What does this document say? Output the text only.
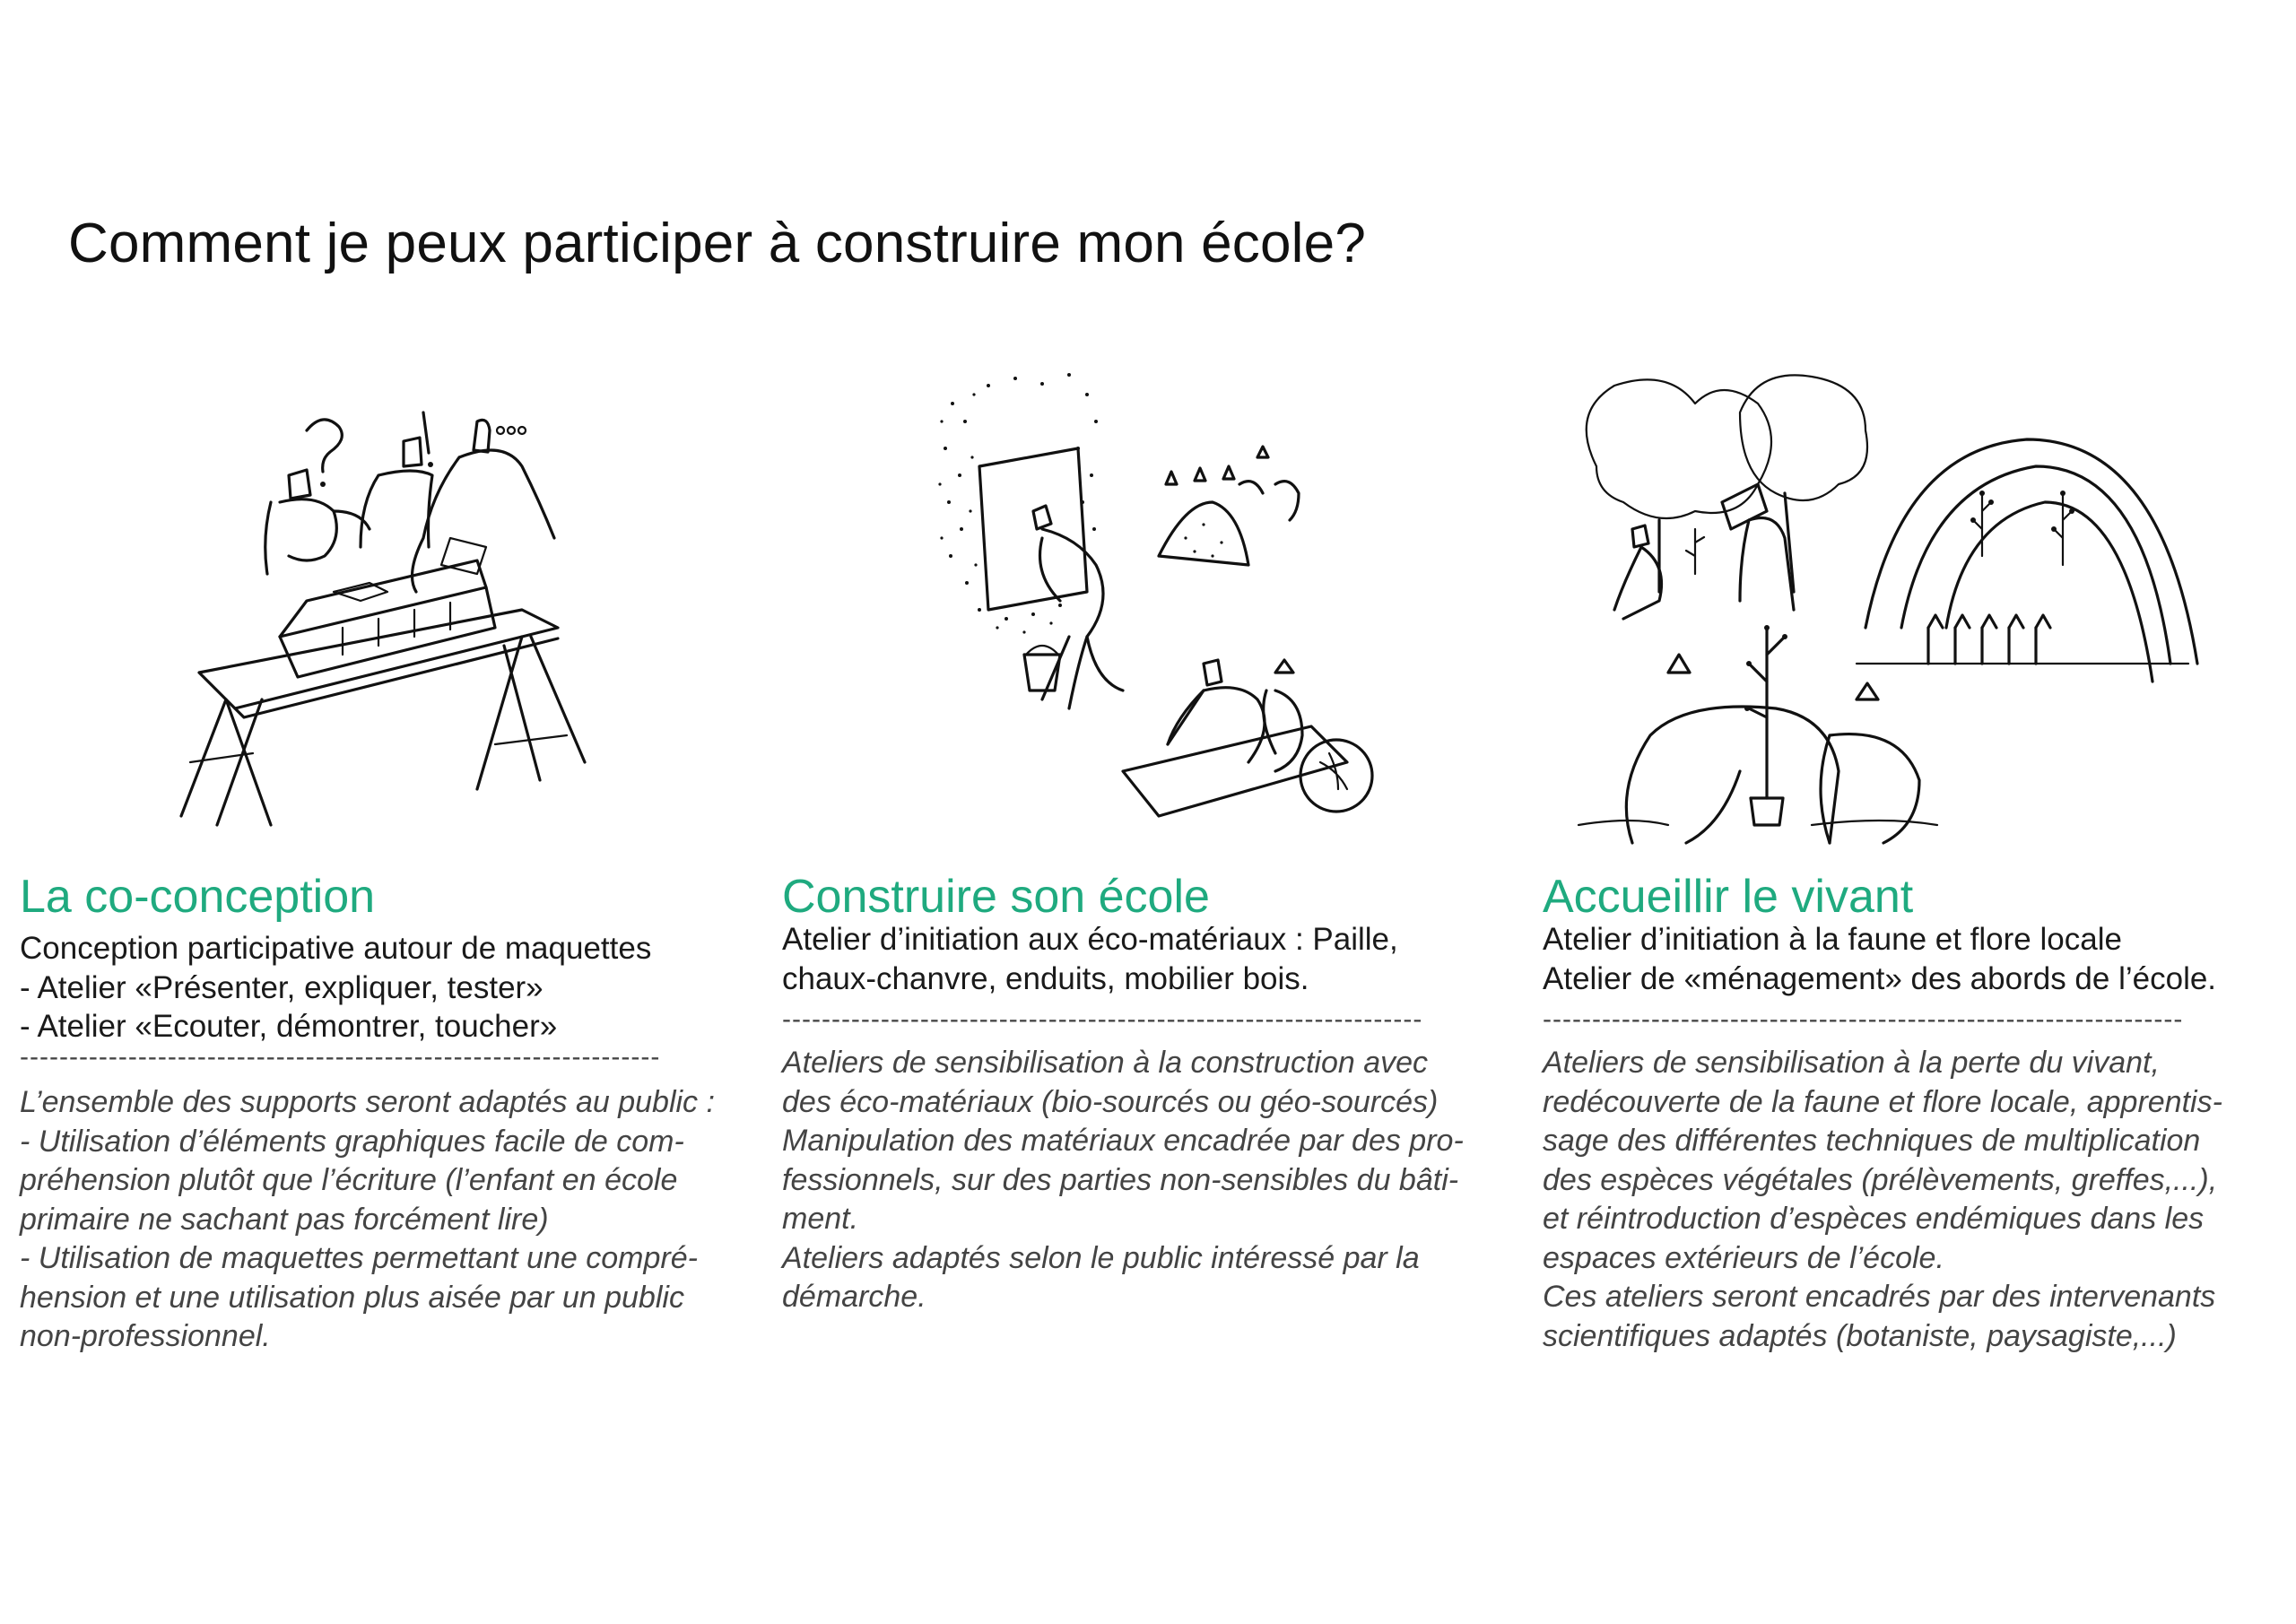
Comment je peux participer à construire mon école?
La co-conception
Conception participative autour de maquettes
- Atelier «Présenter, expliquer, tester»
- Atelier «Ecouter, démontrer, toucher»
-----------------------------------------------------------------
L’ensemble des supports seront adaptés au public :
- Utilisation d’éléments graphiques facile de com-
préhension plutôt que l’écriture (l’enfant en école
primaire ne sachant pas forcément lire)
- Utilisation de maquettes permettant une compré-
hension et une utilisation plus aisée par un public
non-professionnel.
Construire son école
Atelier d’initiation aux éco-matériaux : Paille,
chaux-chanvre, enduits, mobilier bois.
-----------------------------------------------------------------
Ateliers de sensibilisation à la construction avec
des éco-matériaux (bio-sourcés ou géo-sourcés)
Manipulation des matériaux encadrée par des pro-
fessionnels, sur des parties non-sensibles du bâti-
ment.
Ateliers adaptés selon le public intéressé par la
démarche.
Accueillir le vivant
Atelier d’initiation à la faune et flore locale
Atelier de «ménagement» des abords de l’école.
-----------------------------------------------------------------
Ateliers de sensibilisation à la perte du vivant,
redécouverte de la faune et flore locale, apprentis-
sage des différentes techniques de multiplication
des espèces végétales (prélèvements, greffes,...),
et réintroduction d’espèces endémiques dans les
espaces extérieurs de l’école.
Ces ateliers seront encadrés par des intervenants
scientifiques adaptés (botaniste, paysagiste,...)
